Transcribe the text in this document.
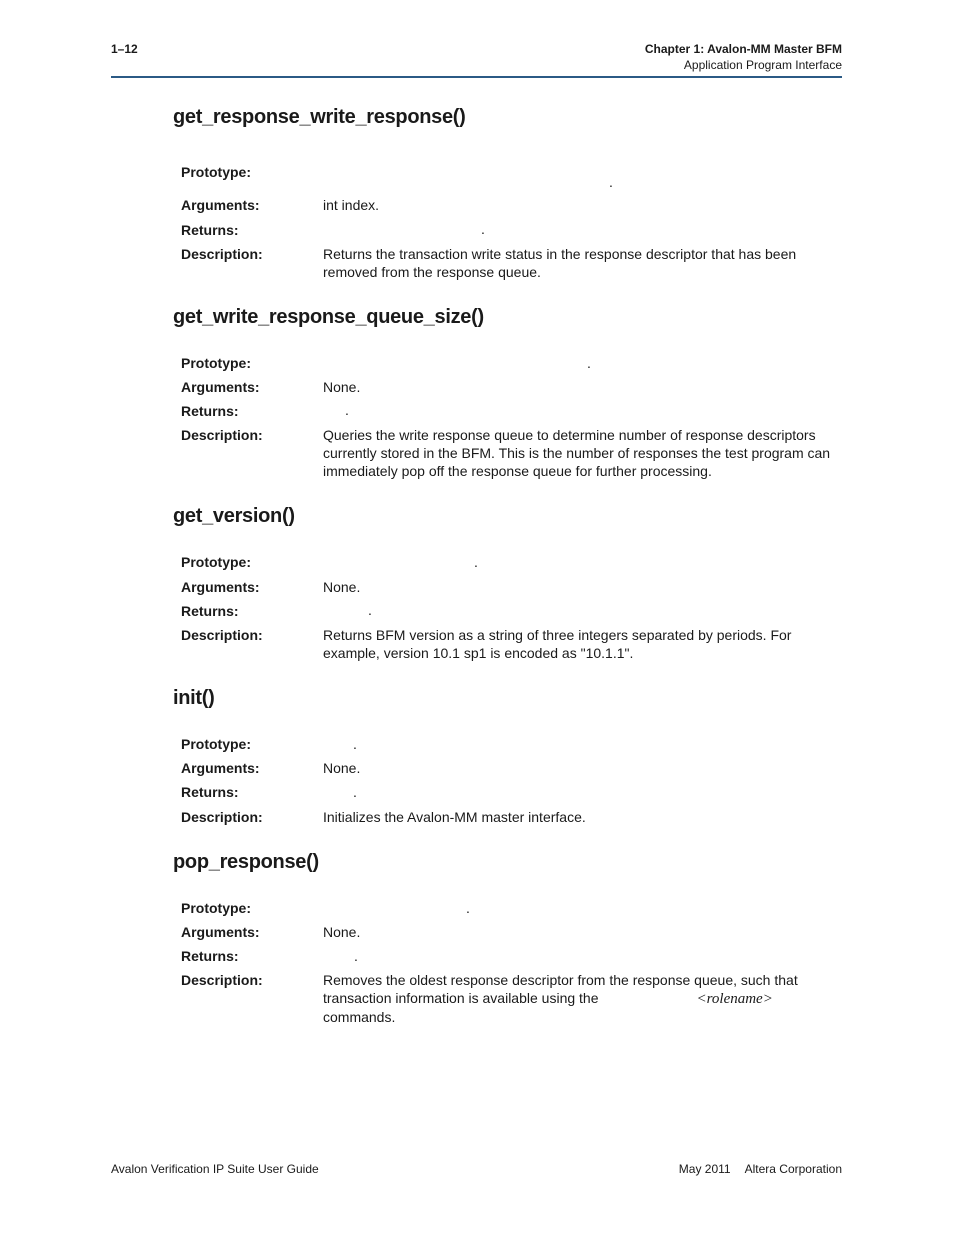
1–12	Chapter 1: Avalon-MM Master BFM
Application Program Interface
get_response_write_response()
Prototype:
.
Arguments:	int index.
Returns:	.
Description:	Returns the transaction write status in the response descriptor that has been removed from the response queue.
get_write_response_queue_size()
Prototype:	.
Arguments:	None.
Returns:	.
Description:	Queries the write response queue to determine number of response descriptors currently stored in the BFM. This is the number of responses the test program can immediately pop off the response queue for further processing.
get_version()
Prototype:	.
Arguments:	None.
Returns:	.
Description:	Returns BFM version as a string of three integers separated by periods. For example, version 10.1 sp1 is encoded as "10.1.1".
init()
Prototype:	.
Arguments:	None.
Returns:	.
Description:	Initializes the Avalon-MM master interface.
pop_response()
Prototype:	.
Arguments:	None.
Returns:	.
Description:	Removes the oldest response descriptor from the response queue, such that transaction information is available using the	<rolename> commands.
Avalon Verification IP Suite User Guide	May 2011 Altera Corporation
